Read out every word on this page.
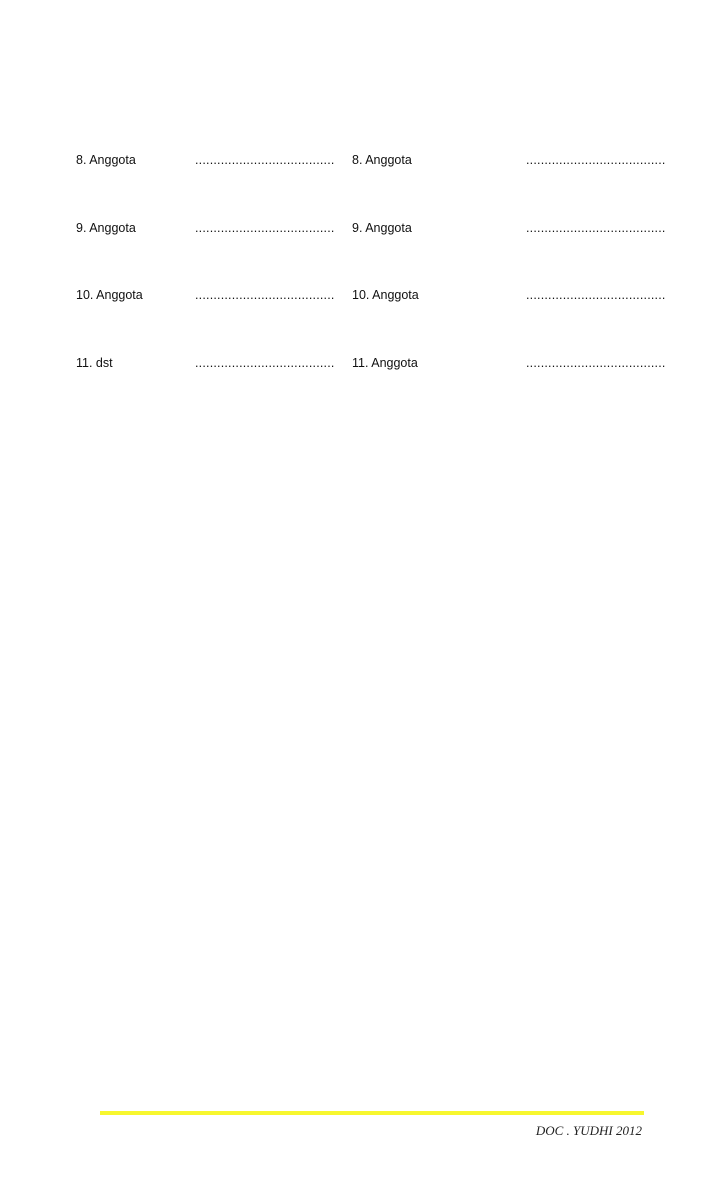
8. Anggota	...................................... 8. Anggota	......................................
9. Anggota	...................................... 9. Anggota	......................................
10. Anggota	...................................... 10. Anggota	......................................
11. dst	...................................... 11. Anggota	......................................
DOC . YUDHI 2012
